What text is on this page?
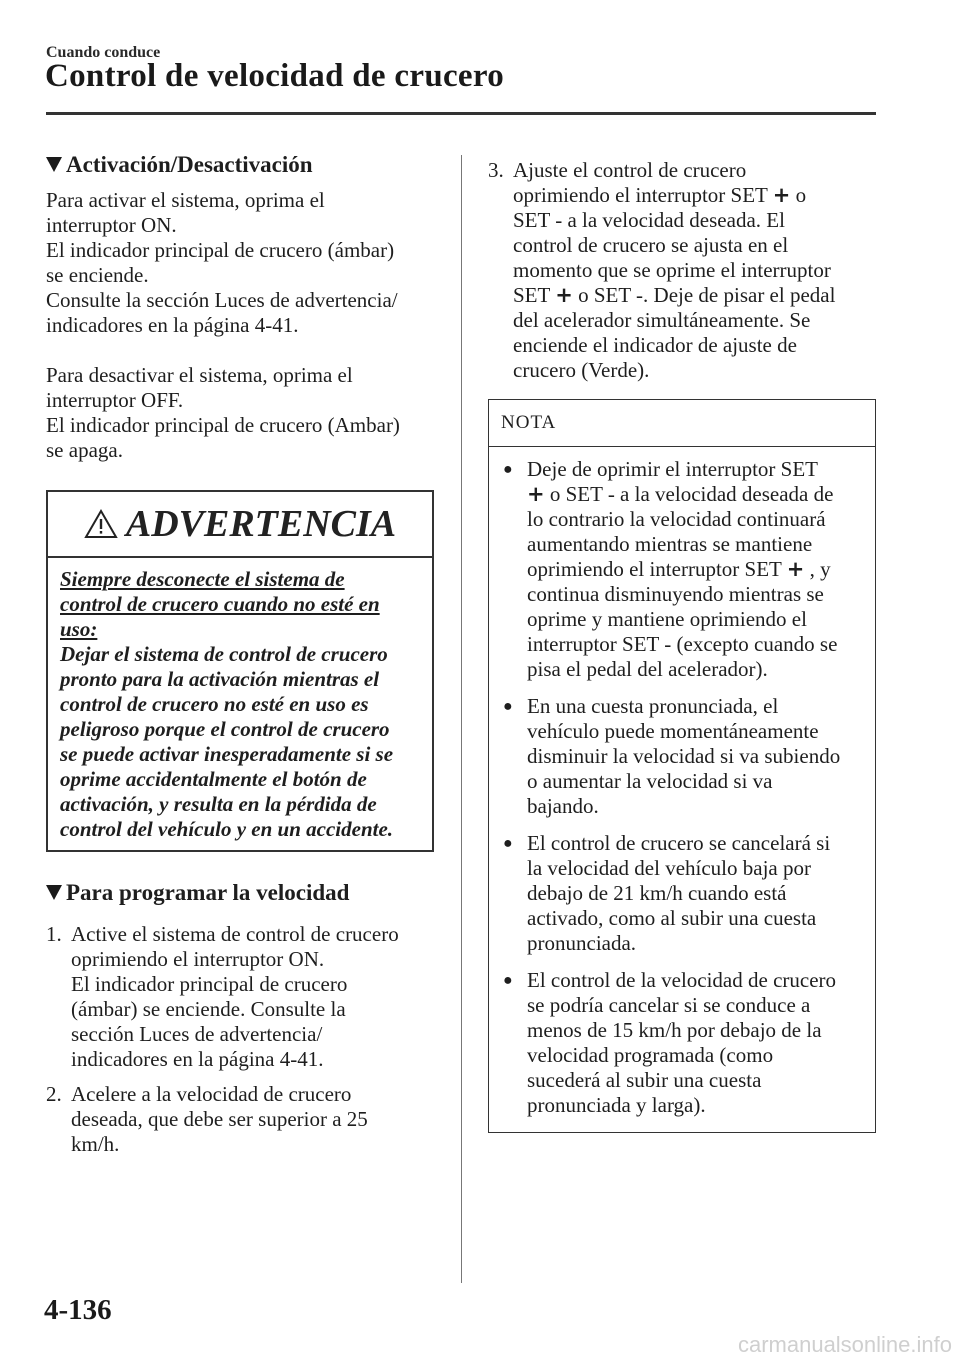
Cuando conduce
Control de velocidad de crucero
Activación/Desactivación

Para activar el sistema, oprima el
interruptor ON.
El indicador principal de crucero (ámbar)
se enciende.
Consulte la sección Luces de advertencia/
indicadores en la página 4-41.

Para desactivar el sistema, oprima el
interruptor OFF.
El indicador principal de crucero (Ambar)
se apaga.

ADVERTENCIA
Siempre desconecte el sistema de
control de crucero cuando no esté en
uso:
Dejar el sistema de control de crucero
pronto para la activación mientras el
control de crucero no esté en uso es
peligroso porque el control de crucero
se puede activar inesperadamente si se
oprime accidentalmente el botón de
activación, y resulta en la pérdida de
control del vehículo y en un accidente.
Para programar la velocidad
1. Active el sistema de control de crucero
oprimiendo el interruptor ON.
El indicador principal de crucero
(ámbar) se enciende. Consulte la
sección Luces de advertencia/
indicadores en la página 4-41.
2. Acelere a la velocidad de crucero
deseada, que debe ser superior a 25
km/h.
3. Ajuste el control de crucero
oprimiendo el interruptor SET + o
SET - a la velocidad deseada. El
control de crucero se ajusta en el
momento que se oprime el interruptor
SET + o SET -. Deje de pisar el pedal
del acelerador simultáneamente. Se
enciende el indicador de ajuste de
crucero (Verde).
NOTA
● Deje de oprimir el interruptor SET
+ o SET - a la velocidad deseada de
lo contrario la velocidad continuará
aumentando mientras se mantiene
oprimiendo el interruptor SET + , y
continua disminuyendo mientras se
oprime y mantiene oprimiendo el
interruptor SET - (excepto cuando se
pisa el pedal del acelerador).
● En una cuesta pronunciada, el
vehículo puede momentáneamente
disminuir la velocidad si va subiendo
o aumentar la velocidad si va
bajando.
● El control de crucero se cancelará si
la velocidad del vehículo baja por
debajo de 21 km/h cuando está
activado, como al subir una cuesta
pronunciada.
● El control de la velocidad de crucero
se podría cancelar si se conduce a
menos de 15 km/h por debajo de la
velocidad programada (como
sucederá al subir una cuesta
pronunciada y larga).
4-136
carmanualsonline.info
